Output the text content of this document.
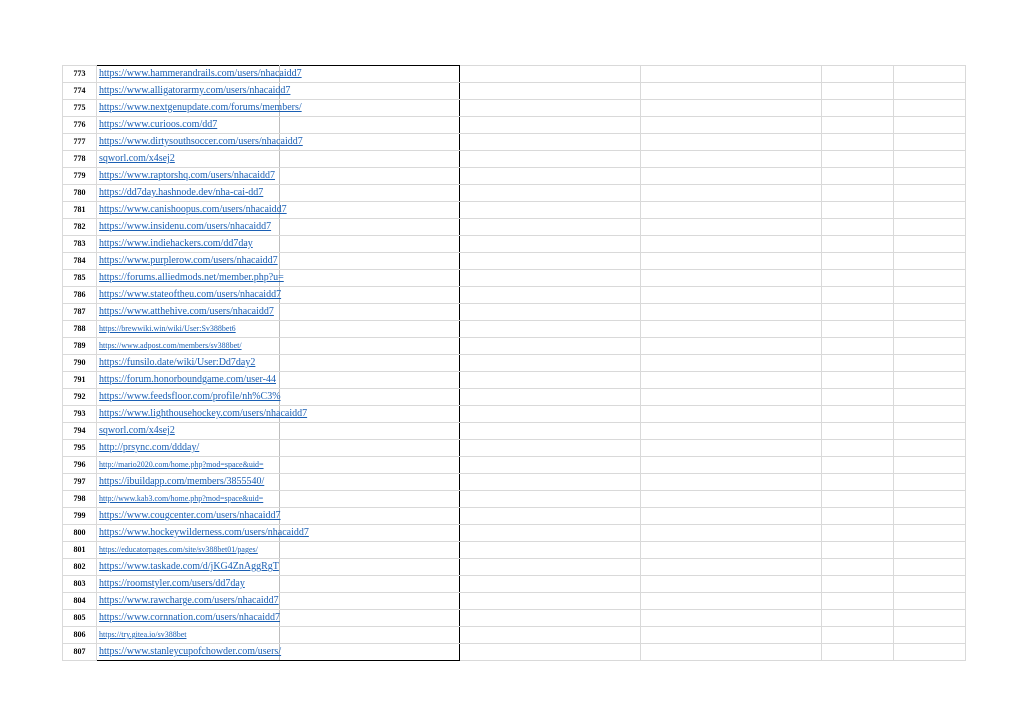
773	https://www.hammerandrails.com/users/nhacaidd7					
774	https://www.alligatorarmy.com/users/nhacaidd7					
775	https://www.nextgenupdate.com/forums/members/					
776	https://www.curioos.com/dd7					
777	https://www.dirtysouthsoccer.com/users/nhacaidd7					
778	sqworl.com/x4sej2					
779	https://www.raptorshq.com/users/nhacaidd7					
780	https://dd7day.hashnode.dev/nha-cai-dd7					
781	https://www.canishoopus.com/users/nhacaidd7					
782	https://www.insidenu.com/users/nhacaidd7					
783	https://www.indiehackers.com/dd7day					
784	https://www.purplerow.com/users/nhacaidd7					
785	https://forums.alliedmods.net/member.php?u=					
786	https://www.stateoftheu.com/users/nhacaidd7					
787	https://www.atthehive.com/users/nhacaidd7					
788	https://brewwiki.win/wiki/User:Sv388bet6					
789	https://www.adpost.com/members/sv388bet/					
790	https://funsilo.date/wiki/User:Dd7day2					
791	https://forum.honorboundgame.com/user-44					
792	https://www.feedsfloor.com/profile/nh%C3%					
793	https://www.lighthousehockey.com/users/nhacaidd7					
794	sqworl.com/x4sej2					
795	http://prsync.com/ddday/					
796	http://mario2020.com/home.php?mod=space&uid=					
797	https://ibuildapp.com/members/3855540/					
798	http://www.kab3.com/home.php?mod=space&uid=					
799	https://www.cougcenter.com/users/nhacaidd7					
800	https://www.hockeywilderness.com/users/nhacaidd7					
801	https://educatorpages.com/site/sv388bet01/pages/					
802	https://www.taskade.com/d/jKG4ZnAggRgT					
803	https://roomstyler.com/users/dd7day					
804	https://www.rawcharge.com/users/nhacaidd7					
805	https://www.cornnation.com/users/nhacaidd7					
806	https://try.gitea.io/sv388bet					
807	https://www.stanleycupofchowder.com/users/					
